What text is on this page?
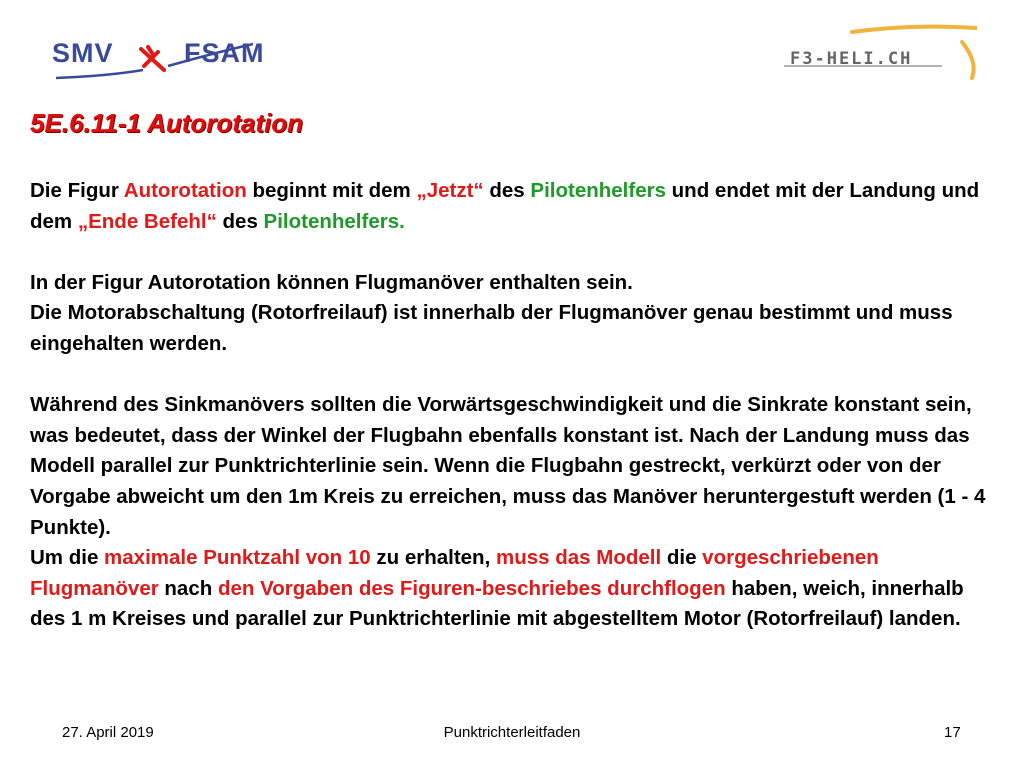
SMV	FSAM	F3-HELI.CH
5E.6.11-1 Autorotation

Die Figur Autorotation beginnt mit dem „Jetzt“ des Pilotenhelfers und endet mit der Landung und dem „Ende Befehl“ des Pilotenhelfers.

In der Figur Autorotation können Flugmanöver enthalten sein.

Die Motorabschaltung (Rotorfreilauf) ist innerhalb der Flugmanöver genau bestimmt und muss eingehalten werden.

Während des Sinkmanövers sollten die Vorwärtsgeschwindigkeit und die Sinkrate konstant sein, was bedeutet, dass der Winkel der Flugbahn ebenfalls konstant ist. Nach der Landung muss das Modell parallel zur Punktrichterlinie sein. Wenn die Flugbahn gestreckt, verkürzt oder von der Vorgabe abweicht um den 1m Kreis zu erreichen, muss das Manöver heruntergestuft werden (1 - 4 Punkte).

Um die maximale Punktzahl von 10 zu erhalten, muss das Modell die vorgeschriebenen Flugmanöver nach den Vorgaben des Figuren-beschriebes durchflogen haben, weich, innerhalb des 1 m Kreises und parallel zur Punktrichterlinie mit abgestelltem Motor (Rotorfreilauf) landen.

27. April 2019	Punktrichterleitfaden	17
